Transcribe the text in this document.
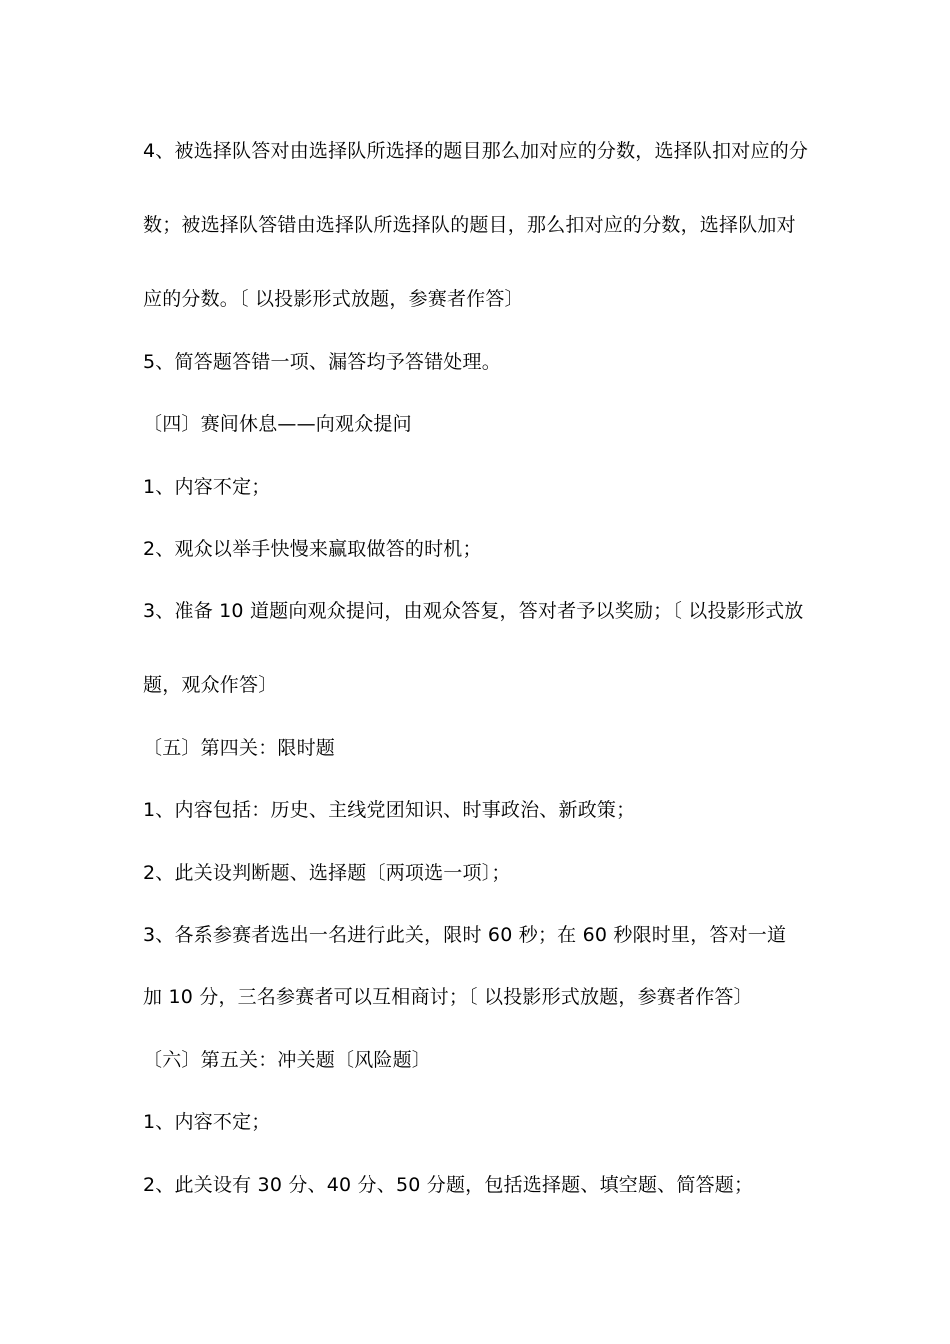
4、被选择队答对由选择队所选择的题目那么加对应的分数，选择队扣对应的分
数；被选择队答错由选择队所选择队的题目，那么扣对应的分数，选择队加对
应的分数。〔 以投影形式放题，参赛者作答〕
5、简答题答错一项、漏答均予答错处理。
〔四〕赛间休息——向观众提问
1、内容不定；
2、观众以举手快慢来赢取做答的时机；
3、准备 10 道题向观众提问，由观众答复，答对者予以奖励；〔 以投影形式放
题，观众作答〕
〔五〕第四关：限时题
1、内容包括：历史、主线党团知识、时事政治、新政策；
2、此关设判断题、选择题〔两项选一项〕；
3、各系参赛者选出一名进行此关，限时 60 秒；在 60 秒限时里，答对一道
加 10 分，三名参赛者可以互相商讨；〔 以投影形式放题，参赛者作答〕
〔六〕第五关：冲关题〔风险题〕
1、内容不定；
2、此关设有 30 分、40 分、50 分题，包括选择题、填空题、简答题；
